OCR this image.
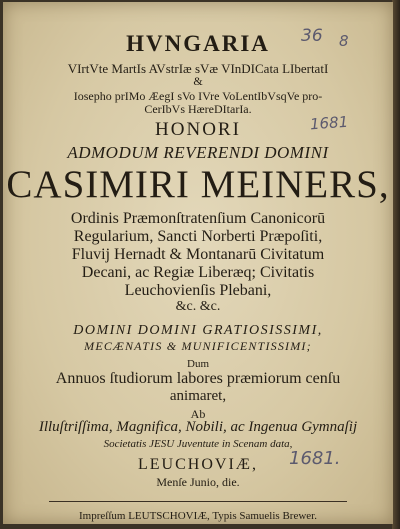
HVNGARIA
VIrtVte MartIs AVstrIæ sVæ VInDICata LIbertatI
&
Iosepho prIMo ÆegI sVo IVre VoLentIbVsqVe pro-
CerIbVs HæreDItarIa.
HONORI
ADMODUM REVERENDI DOMINI
CASIMIRI MEINERS,
Ordinis Præmonſtratenſium Canonicorū
Regularium, Sancti Norberti Præpoſiti,
Fluvij Hernadt & Montanarū Civitatum
Decani, ac Regiæ Liberæq; Civitatis
Leuchovienſis Plebani,
&c. &c.
DOMINI DOMINI GRATIOSISSIMI,
MECÆNATIS & MUNIFICENTISSIMI;
Dum
Annuos ſtudiorum labores præmiorum cenſu
animaret,
Ab
Illuſtriſſima, Magnifica, Nobili, ac Ingenua Gymnaſij
Societatis JESU Juventute in Scenam data,
LEUCHOVIÆ,
Menſe Junio, die.
Impreſſum LEUTSCHOVIÆ, Typis Samuelis Brewer.
36 8
1681
1681.
